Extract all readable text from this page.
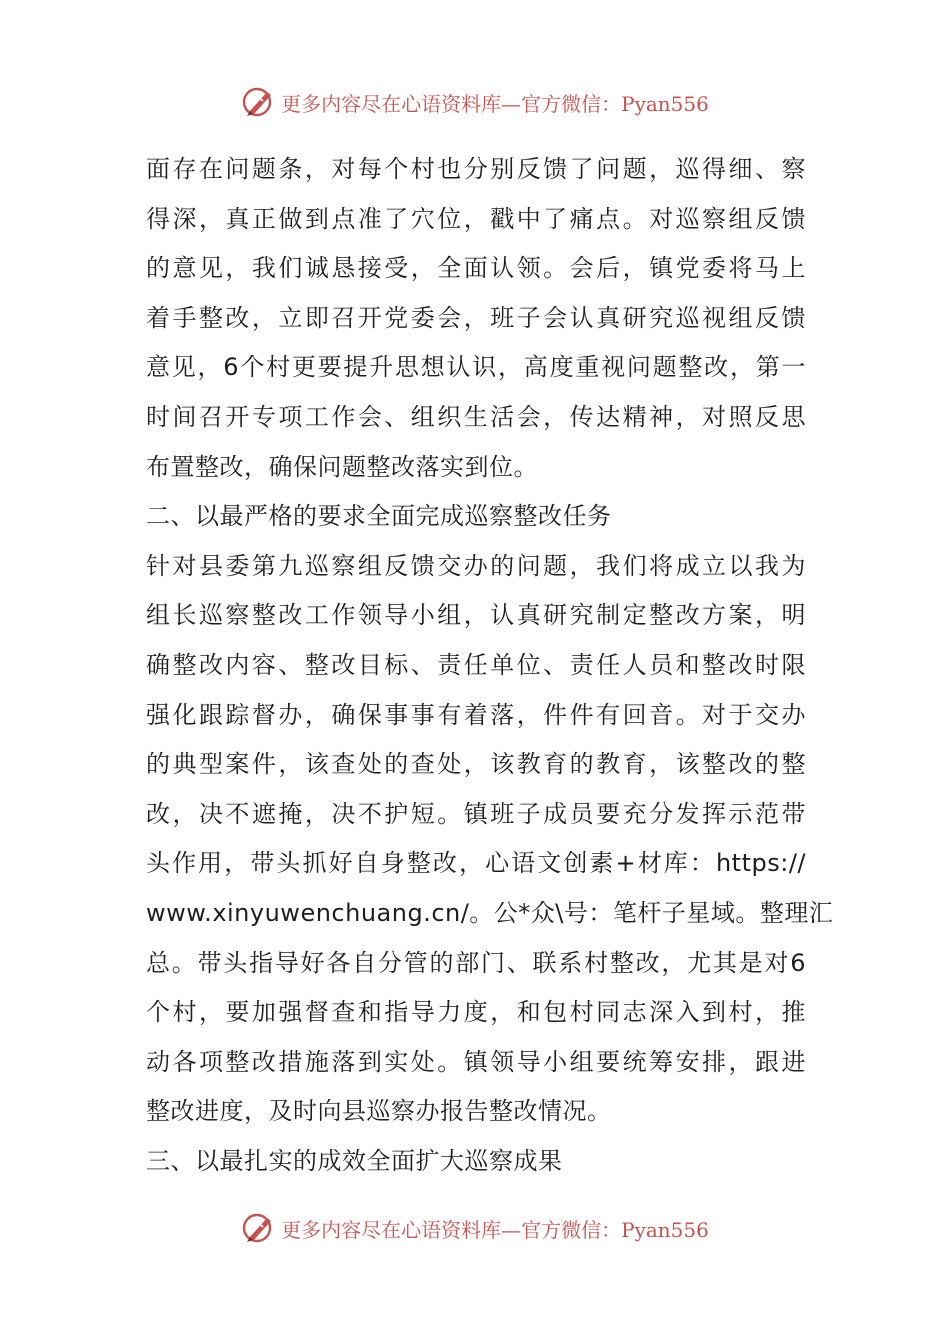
更多内容尽在心语资料库—官方微信：Pyan556
面存在问题条，对每个村也分别反馈了问题，巡得细、察
得深，真正做到点准了穴位，戳中了痛点。对巡察组反馈
的意见，我们诚恳接受，全面认领。会后，镇党委将马上
着手整改，立即召开党委会，班子会认真研究巡视组反馈
意见，6个村更要提升思想认识，高度重视问题整改，第一
时间召开专项工作会、组织生活会，传达精神，对照反思
布置整改，确保问题整改落实到位。
二、以最严格的要求全面完成巡察整改任务
针对县委第九巡察组反馈交办的问题，我们将成立以我为
组长巡察整改工作领导小组，认真研究制定整改方案，明
确整改内容、整改目标、责任单位、责任人员和整改时限
强化跟踪督办，确保事事有着落，件件有回音。对于交办
的典型案件，该查处的查处，该教育的教育，该整改的整
改，决不遮掩，决不护短。镇班子成员要充分发挥示范带
头作用，带头抓好自身整改，心语文创素+材库：https://
www.xinyuwenchuang.cn/。公*众\号：笔杆子星域。整理汇
总。带头指导好各自分管的部门、联系村整改，尤其是对6
个村，要加强督查和指导力度，和包村同志深入到村，推
动各项整改措施落到实处。镇领导小组要统筹安排，跟进
整改进度，及时向县巡察办报告整改情况。
三、以最扎实的成效全面扩大巡察成果
更多内容尽在心语资料库—官方微信：Pyan556
